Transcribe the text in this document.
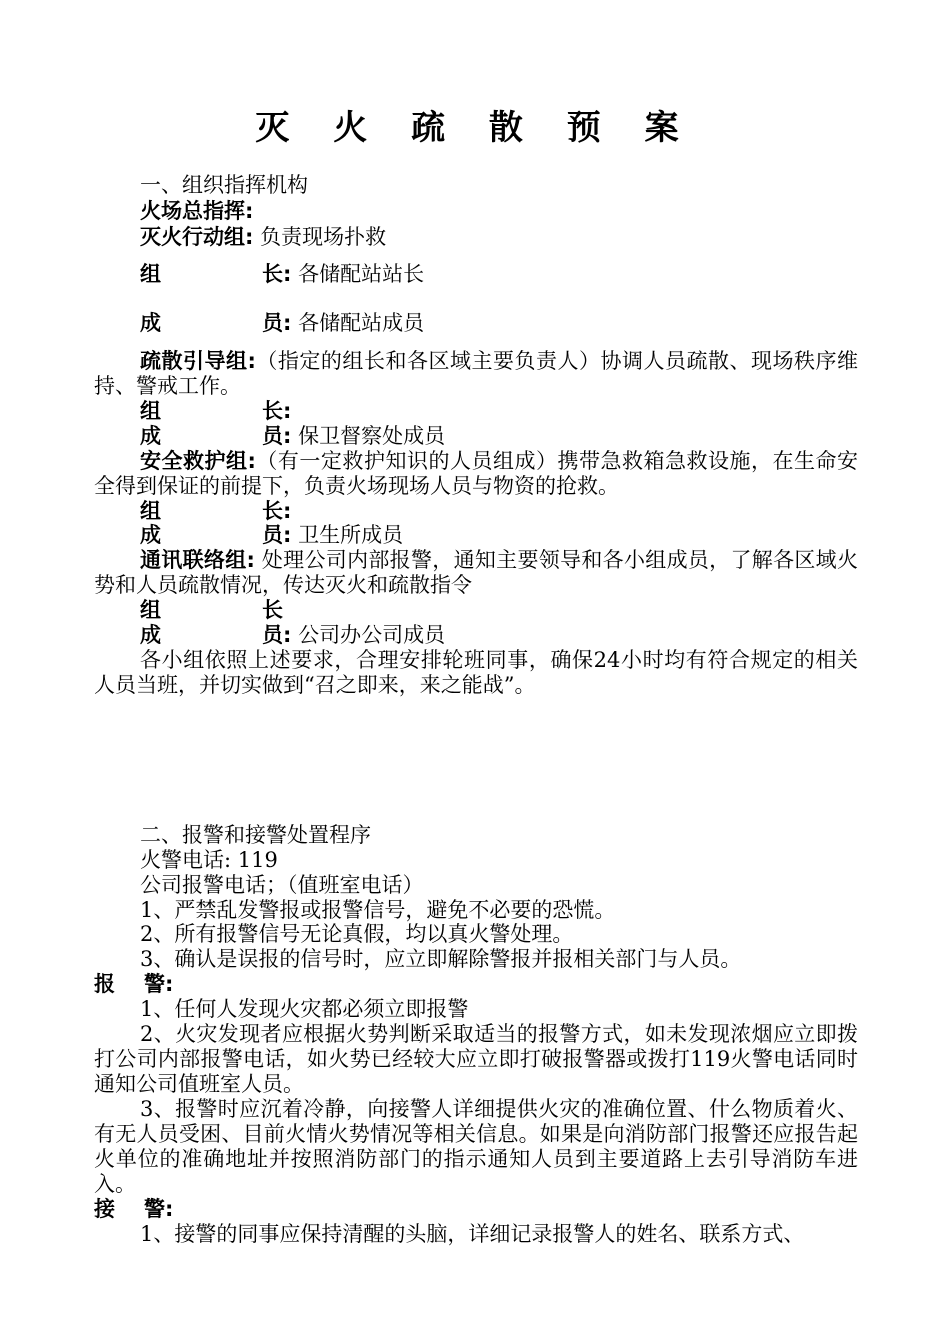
灭 火 疏 散 预 案
一、组织指挥机构
火场总指挥:
灭火行动组: 负责现场扑救
组	长: 各储配站站长
成	员: 各储配站成员
疏散引导组:（指定的组长和各区域主要负责人）协调人员疏散、现场秩序维持、警戒工作。
组	长:
成	员: 保卫督察处成员
安全救护组:（有一定救护知识的人员组成）携带急救箱急救设施，在生命安全得到保证的前提下，负责火场现场人员与物资的抢救。
组	长:
成	员: 卫生所成员
通讯联络组: 处理公司内部报警，通知主要领导和各小组成员，了解各区域火势和人员疏散情况，传达灭火和疏散指令
组	长
成	员: 公司办公司成员
各小组依照上述要求，合理安排轮班同事，确保24小时均有符合规定的相关人员当班，并切实做到“召之即来，来之能战”。
二、报警和接警处置程序
火警电话: 119
公司报警电话；（值班室电话）
1、严禁乱发警报或报警信号，避免不必要的恐慌。
2、所有报警信号无论真假，均以真火警处理。
3、确认是误报的信号时，应立即解除警报并报相关部门与人员。
报 警:
1、任何人发现火灾都必须立即报警
2、火灾发现者应根据火势判断采取适当的报警方式，如未发现浓烟应立即拨打公司内部报警电话，如火势已经较大应立即打破报警器或拨打119火警电话同时通知公司值班室人员。
3、报警时应沉着冷静，向接警人详细提供火灾的准确位置、什么物质着火、有无人员受困、目前火情火势情况等相关信息。如果是向消防部门报警还应报告起火单位的准确地址并按照消防部门的指示通知人员到主要道路上去引导消防车进入。
接 警:
1、接警的同事应保持清醒的头脑，详细记录报警人的姓名、联系方式、
